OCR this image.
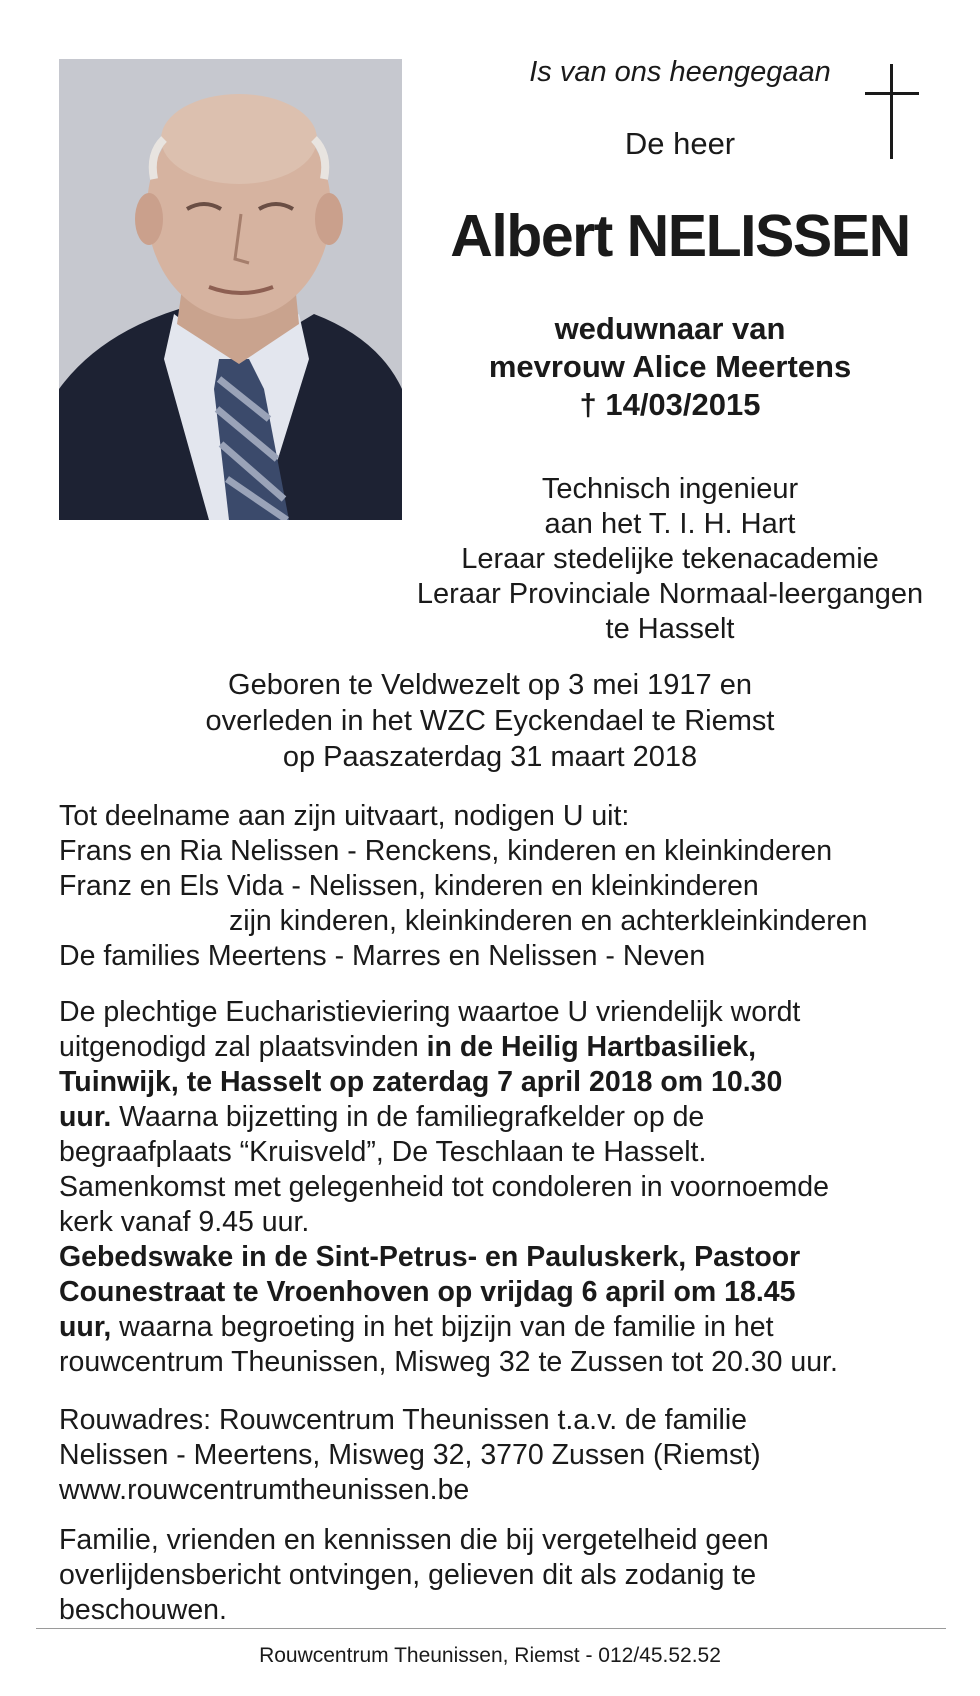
Is van ons heengegaan
De heer
Albert NELISSEN
weduwnaar van
mevrouw Alice Meertens
† 14/03/2015
Technisch ingenieur
aan het T. I. H. Hart
Leraar stedelijke tekenacademie
Leraar Provinciale Normaal-leergangen
te Hasselt
Geboren te Veldwezelt op 3 mei 1917 en
overleden in het WZC Eyckendael te Riemst
op Paaszaterdag 31 maart 2018
Tot deelname aan zijn uitvaart, nodigen U uit:
Frans en Ria Nelissen - Renckens, kinderen en kleinkinderen
Franz en Els Vida - Nelissen, kinderen en kleinkinderen
zijn kinderen, kleinkinderen en achterkleinkinderen
De families Meertens - Marres en Nelissen - Neven
De plechtige Eucharistieviering waartoe U vriendelijk wordt
uitgenodigd zal plaatsvinden in de Heilig Hartbasiliek,
Tuinwijk, te Hasselt op zaterdag 7 april 2018 om 10.30
uur. Waarna bijzetting in de familiegrafkelder op de
begraafplaats “Kruisveld”, De Teschlaan te Hasselt.
Samenkomst met gelegenheid tot condoleren in voornoemde
kerk vanaf 9.45 uur.
Gebedswake in de Sint-Petrus- en Pauluskerk, Pastoor
Counestraat te Vroenhoven op vrijdag 6 april om 18.45
uur, waarna begroeting in het bijzijn van de familie in het
rouwcentrum Theunissen, Misweg 32 te Zussen tot 20.30 uur.
Rouwadres: Rouwcentrum Theunissen t.a.v. de familie
Nelissen - Meertens, Misweg 32, 3770 Zussen (Riemst)
www.rouwcentrumtheunissen.be
Familie, vrienden en kennissen die bij vergetelheid geen
overlijdensbericht ontvingen, gelieven dit als zodanig te
beschouwen.
Rouwcentrum Theunissen, Riemst - 012/45.52.52
